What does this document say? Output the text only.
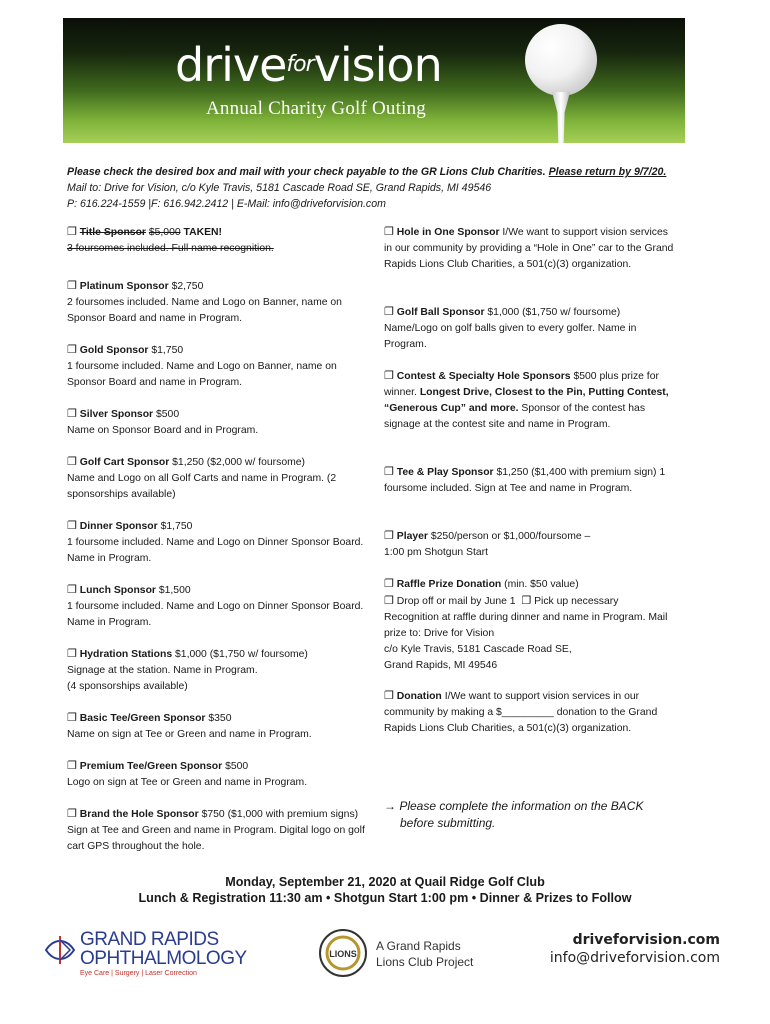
drive$^{for}$vision
Annual Charity Golf Outing
Please check the desired box and mail with your check payable to the GR Lions Club Charities. Please return by 9/7/20.
Mail to: Drive for Vision, c/o Kyle Travis, 5181 Cascade Road SE, Grand Rapids, MI 49546
P: 616.224-1559 |F: 616.942.2412 | E-Mail: info@driveforvision.com
❐ Title Sponsor $5,000 TAKEN!
3 foursomes included. Full name recognition.
❐ Platinum Sponsor $2,750
2 foursomes included. Name and Logo on Banner, name on Sponsor Board and name in Program.
❐ Gold Sponsor $1,750
1 foursome included. Name and Logo on Banner, name on Sponsor Board and name in Program.
❐ Silver Sponsor $500
Name on Sponsor Board and in Program.
❐ Golf Cart Sponsor $1,250 ($2,000 w/ foursome)
Name and Logo on all Golf Carts and name in Program. (2 sponsorships available)
❐ Dinner Sponsor $1,750
1 foursome included. Name and Logo on Dinner Sponsor Board. Name in Program.
❐ Lunch Sponsor $1,500
1 foursome included. Name and Logo on Dinner Sponsor Board. Name in Program.
❐ Hydration Stations $1,000 ($1,750 w/ foursome)
Signage at the station. Name in Program.
(4 sponsorships available)
❐ Basic Tee/Green Sponsor $350
Name on sign at Tee or Green and name in Program.
❐ Premium Tee/Green Sponsor $500
Logo on sign at Tee or Green and name in Program.
❐ Brand the Hole Sponsor $750 ($1,000 with premium signs) Sign at Tee and Green and name in Program. Digital logo on golf cart GPS throughout the hole.
❐ Hole in One Sponsor I/We want to support vision services in our community by providing a “Hole in One” car to the Grand Rapids Lions Club Charities, a 501(c)(3) organization.
❐ Golf Ball Sponsor $1,000 ($1,750 w/ foursome) Name/Logo on golf balls given to every golfer. Name in Program.
❐ Contest & Specialty Hole Sponsors $500 plus prize for winner. Longest Drive, Closest to the Pin, Putting Contest, “Generous Cup” and more. Sponsor of the contest has signage at the contest site and name in Program.
❐ Tee & Play Sponsor $1,250 ($1,400 with premium sign) 1 foursome included. Sign at Tee and name in Program.
❐ Player $250/person or $1,000/foursome –
1:00 pm Shotgun Start
❐ Raffle Prize Donation (min. $50 value)
❐ Drop off or mail by June 1 ❐ Pick up necessary
Recognition at raffle during dinner and name in Program. Mail prize to: Drive for Vision
c/o Kyle Travis, 5181 Cascade Road SE,
Grand Rapids, MI 49546
❐ Donation I/We want to support vision services in our community by making a $_________ donation to the Grand Rapids Lions Club Charities, a 501(c)(3) organization.
→ Please complete the information on the BACK before submitting.
Monday, September 21, 2020 at Quail Ridge Golf Club
Lunch & Registration 11:30 am • Shotgun Start 1:00 pm • Dinner & Prizes to Follow
GRAND RAPIDS
OPHTHALMOLOGY
Eye Care | Surgery | Laser Correction
LIONS
A Grand Rapids
Lions Club Project
driveforvision.com
info@driveforvision.com
